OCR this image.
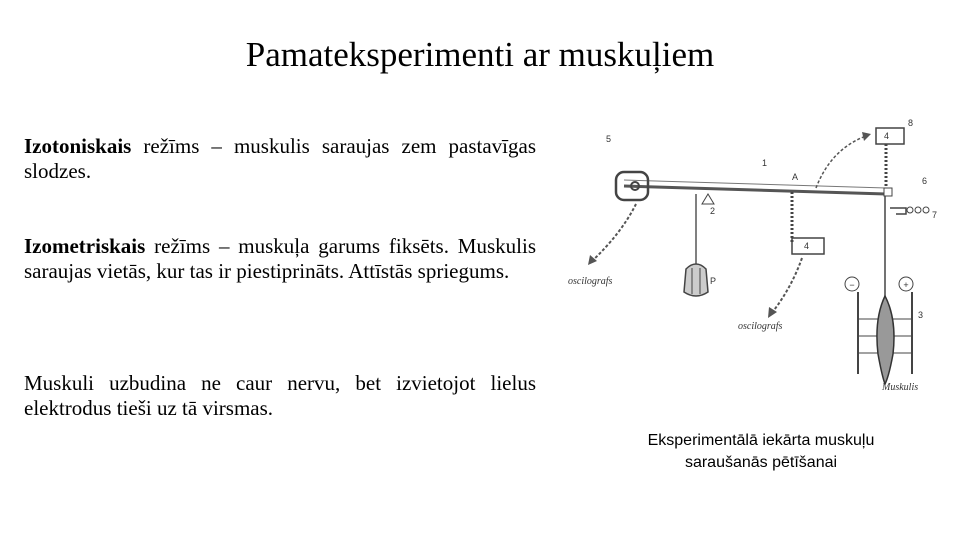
Pamateksperimenti ar muskuļiem

Izotoniskais režīms – muskulis saraujas zem pastavīgas slodzes.

Izometriskais režīms – muskuļa garums fiksēts. Muskulis saraujas vietās, kur tas ir piestiprināts. Attīstās spriegums.

Muskuli uzbudina ne caur nervu, bet izvietojot lielus elektrodus tieši uz tā virsmas.

−	+
oscilografs
oscilografs
Muskulis
1
2
3
4
4
5
6
7
8
A
P
Eksperimentālā iekārta muskuļu saraušanās pētīšanai
